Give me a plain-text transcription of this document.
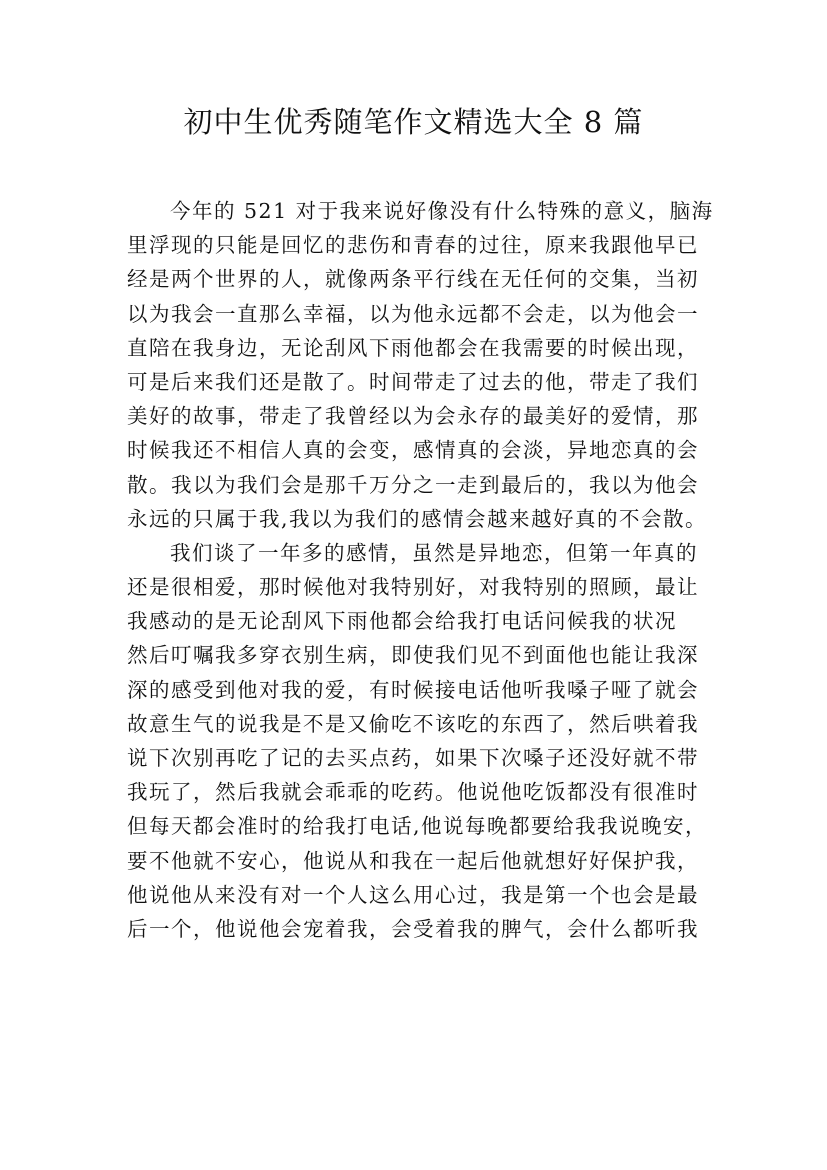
初中生优秀随笔作文精选大全 8 篇
今年的 521 对于我来说好像没有什么特殊的意义，脑海
里浮现的只能是回忆的悲伤和青春的过往，原来我跟他早已
经是两个世界的人，就像两条平行线在无任何的交集，当初
以为我会一直那么幸福，以为他永远都不会走，以为他会一
直陪在我身边，无论刮风下雨他都会在我需要的时候出现，
可是后来我们还是散了。时间带走了过去的他，带走了我们
美好的故事，带走了我曾经以为会永存的最美好的爱情，那
时候我还不相信人真的会变，感情真的会淡，异地恋真的会
散。我以为我们会是那千万分之一走到最后的，我以为他会
永远的只属于我,我以为我们的感情会越来越好真的不会散。
我们谈了一年多的感情，虽然是异地恋，但第一年真的
还是很相爱，那时候他对我特别好，对我特别的照顾，最让
我感动的是无论刮风下雨他都会给我打电话问候我的状况
然后叮嘱我多穿衣别生病，即使我们见不到面他也能让我深
深的感受到他对我的爱，有时候接电话他听我嗓子哑了就会
故意生气的说我是不是又偷吃不该吃的东西了，然后哄着我
说下次别再吃了记的去买点药，如果下次嗓子还没好就不带
我玩了，然后我就会乖乖的吃药。他说他吃饭都没有很准时
但每天都会准时的给我打电话,他说每晚都要给我我说晚安，
要不他就不安心，他说从和我在一起后他就想好好保护我，
他说他从来没有对一个人这么用心过，我是第一个也会是最
后一个，他说他会宠着我，会受着我的脾气，会什么都听我
